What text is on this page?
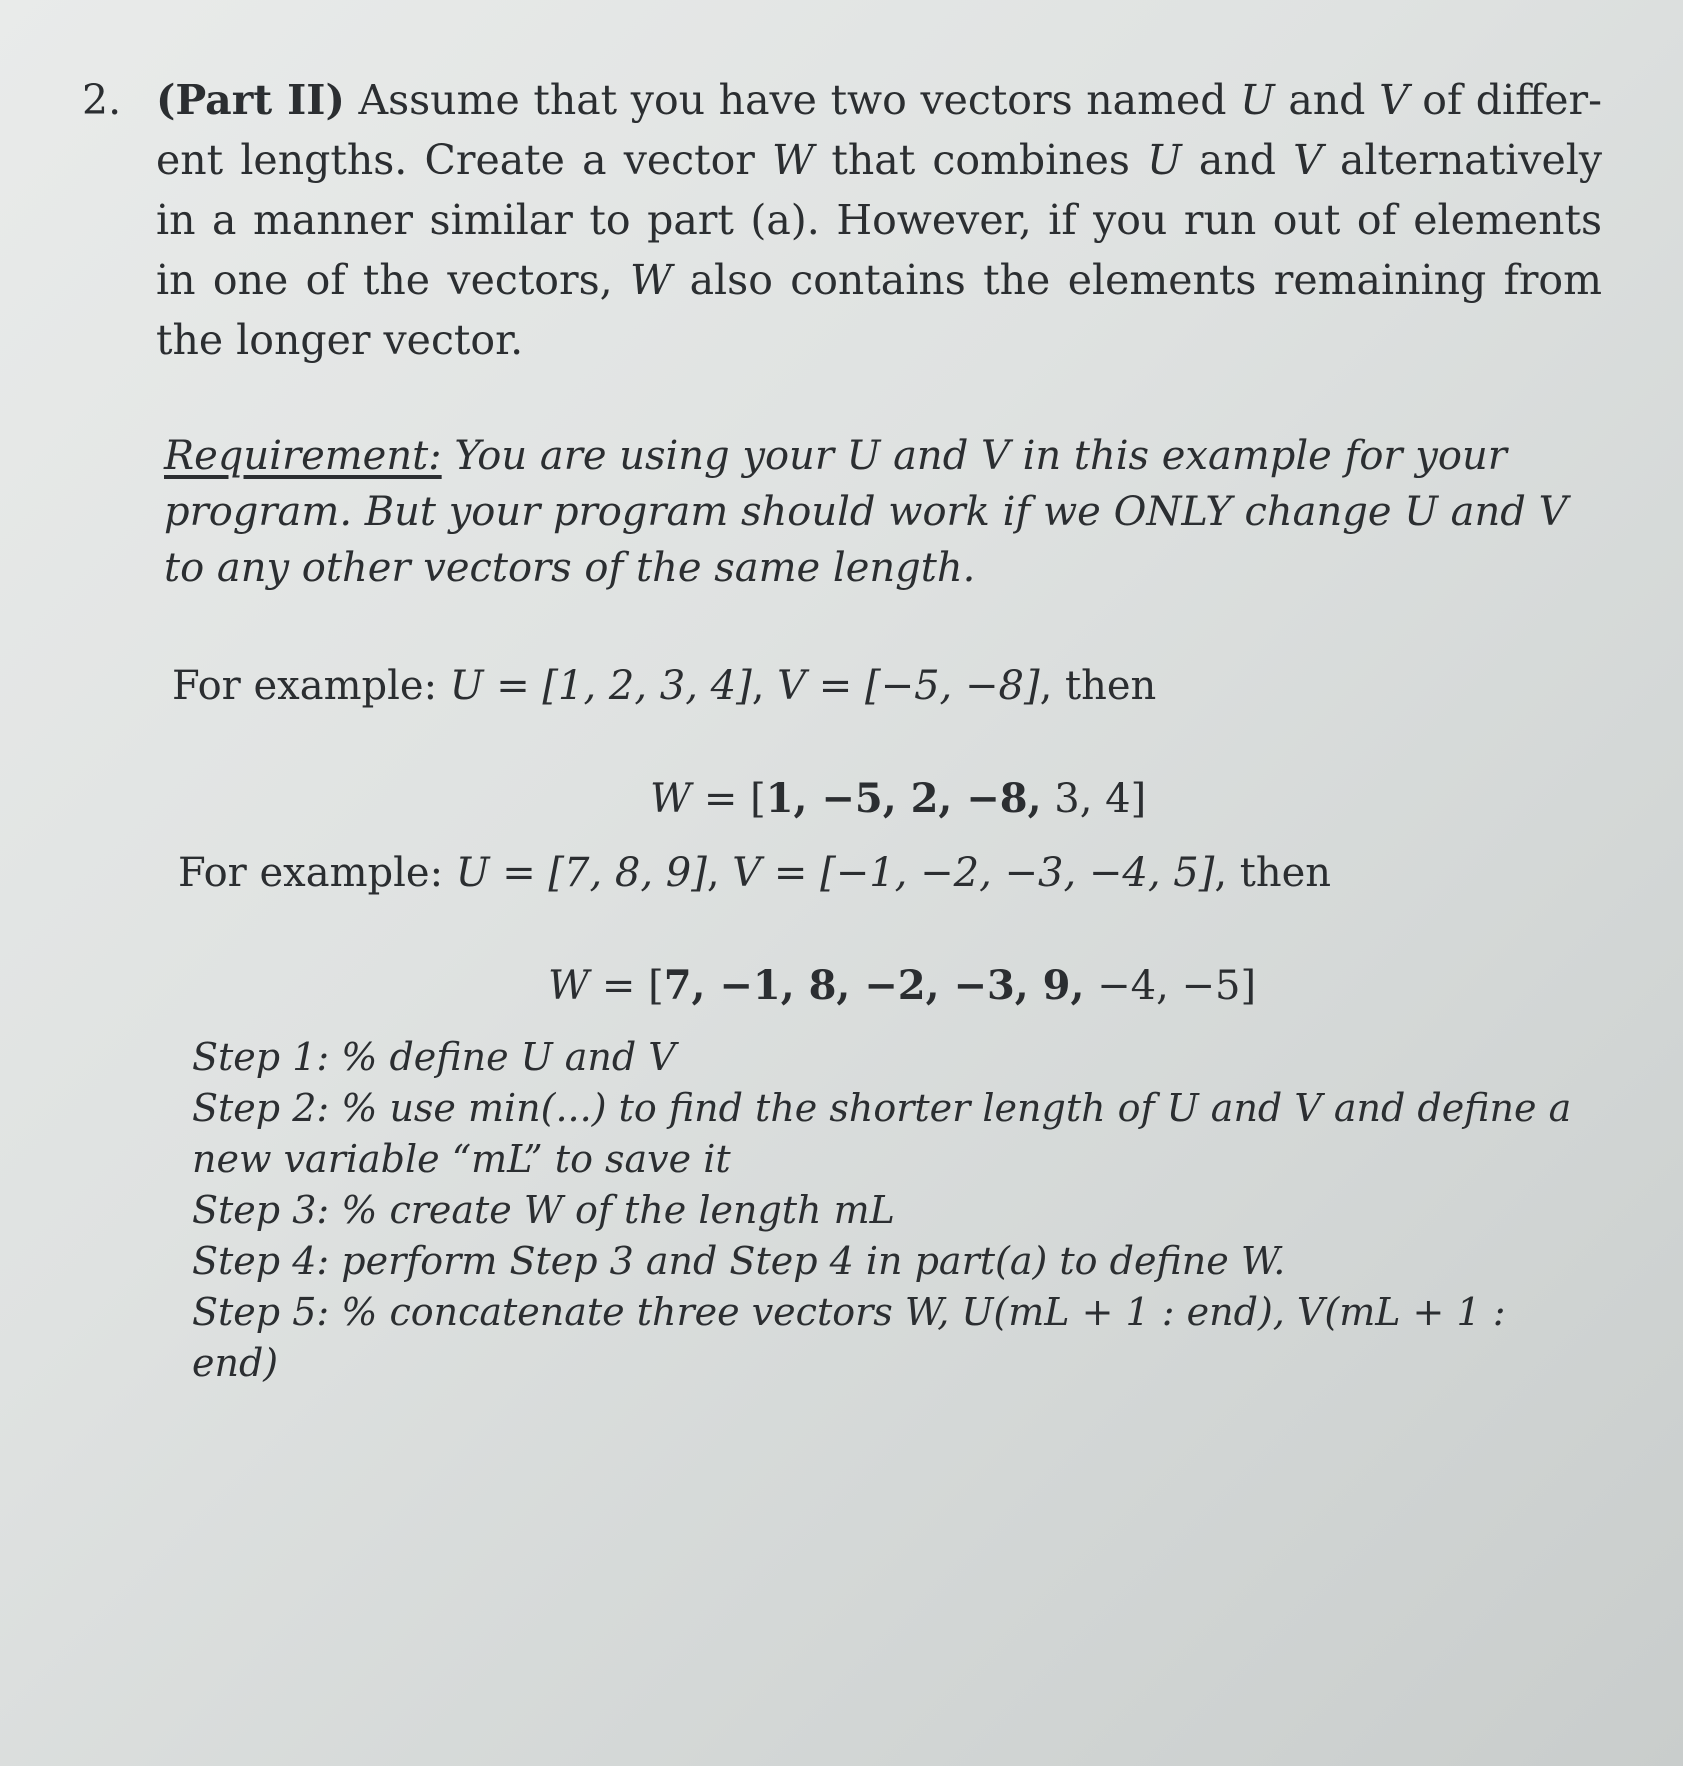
2. (Part II) Assume that you have two vectors named U and V of differ- ent lengths. Create a vector W that combines U and V alternatively in a manner similar to part (a). However, if you run out of elements in one of the vectors, W also contains the elements remaining from the longer vector.
Requirement: You are using your U and V in this example for your program. But your program should work if we ONLY change U and V to any other vectors of the same length.
For example: U = [1, 2, 3, 4], V = [−5, −8], then
W = [1, −5, 2, −8, 3, 4]
For example: U = [7, 8, 9], V = [−1, −2, −3, −4, 5], then
W = [7, −1, 8, −2, −3, 9, −4, −5]
Step 1: % define U and V
Step 2: % use min(...) to find the shorter length of U and V and define a new variable “mL” to save it
Step 3: % create W of the length mL
Step 4: perform Step 3 and Step 4 in part(a) to define W.
Step 5: % concatenate three vectors W, U(mL + 1 : end), V(mL + 1 : end)
